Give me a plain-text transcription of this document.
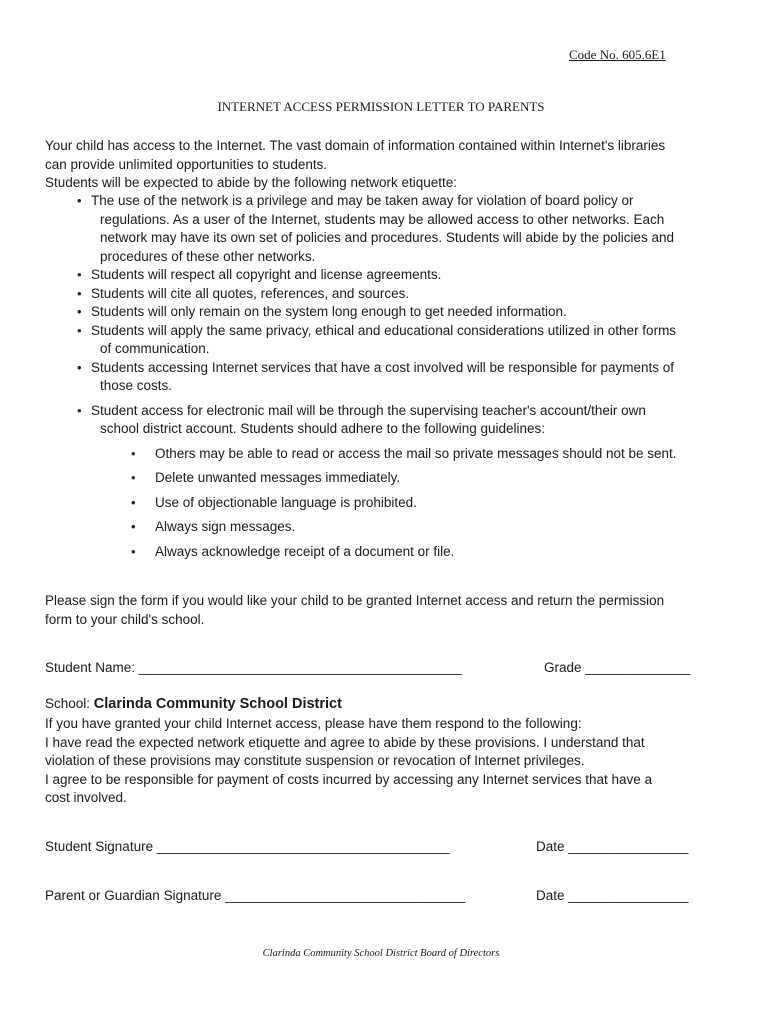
Code No. 605.6E1
INTERNET ACCESS PERMISSION LETTER TO PARENTS

Your child has access to the Internet. The vast domain of information contained within Internet's libraries

can provide unlimited opportunities to students.

Students will be expected to abide by the following network etiquette:

• The use of the network is a privilege and may be taken away for violation of board policy or
regulations. As a user of the Internet, students may be allowed access to other networks. Each
network may have its own set of policies and procedures. Students will abide by the policies and
procedures of these other networks.
• Students will respect all copyright and license agreements.
• Students will cite all quotes, references, and sources.
• Students will only remain on the system long enough to get needed information.
• Students will apply the same privacy, ethical and educational considerations utilized in other forms
of communication.
• Students accessing Internet services that have a cost involved will be responsible for payments of
those costs.
• Student access for electronic mail will be through the supervising teacher's account/their own
school district account. Students should adhere to the following guidelines:
• Others may be able to read or access the mail so private messages should not be sent.
• Delete unwanted messages immediately.
• Use of objectionable language is prohibited.
• Always sign messages.
• Always acknowledge receipt of a document or file.

Please sign the form if you would like your child to be granted Internet access and return the permission

form to your child's school.

Student Name: ___________________________________________	Grade ______________
School: Clarinda Community School District

If you have granted your child Internet access, please have them respond to the following:

I have read the expected network etiquette and agree to abide by these provisions. I understand that

violation of these provisions may constitute suspension or revocation of Internet privileges.

I agree to be responsible for payment of costs incurred by accessing any Internet services that have a

cost involved.

Student Signature _______________________________________	Date ________________
Parent or Guardian Signature ________________________________	Date ________________
Clarinda Community School District Board of Directors
